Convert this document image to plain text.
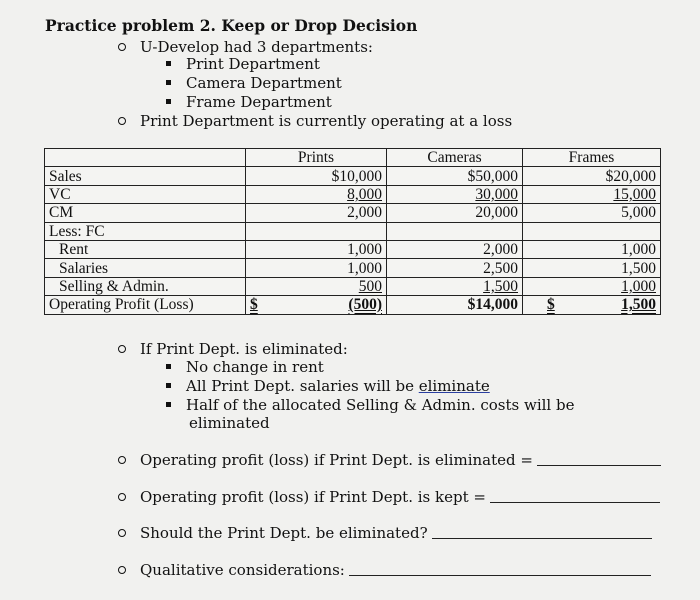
Practice problem 2. Keep or Drop Decision
U-Develop had 3 departments:
Print Department
Camera Department
Frame Department
Print Department is currently operating at a loss
	Prints	Cameras	Frames
Sales	$10,000	$50,000	$20,000
VC	8,000	30,000	15,000
CM	2,000	20,000	5,000
Less: FC			
Rent	1,000	2,000	1,000
Salaries	1,000	2,500	1,500
Selling & Admin.	500	1,500	1,000
Operating Profit (Loss)	$ (500)	$14,000	$ 1,500
If Print Dept. is eliminated:
No change in rent
All Print Dept. salaries will be eliminate
Half of the allocated Selling & Admin. costs will be
eliminated
Operating profit (loss) if Print Dept. is eliminated =
Operating profit (loss) if Print Dept. is kept =
Should the Print Dept. be eliminated?
Qualitative considerations:
